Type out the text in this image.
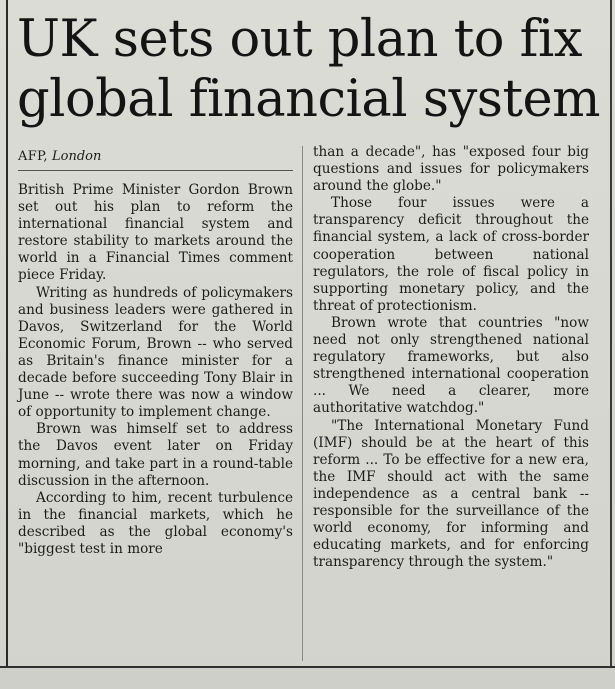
UK sets out plan to fix global financial system
AFP, London

British Prime Minister Gordon Brown set out his plan to reform the international financial system and restore stability to markets around the world in a Financial Times comment piece Friday.

Writing as hundreds of policymakers and business leaders were gathered in Davos, Switzerland for the World Economic Forum, Brown -- who served as Britain's finance minister for a decade before succeeding Tony Blair in June -- wrote there was now a window of opportunity to implement change.

Brown was himself set to address the Davos event later on Friday morning, and take part in a round-table discussion in the afternoon.

According to him, recent turbulence in the financial markets, which he described as the global economy's "biggest test in more

than a decade", has "exposed four big questions and issues for policymakers around the globe."

Those four issues were a transparency deficit throughout the financial system, a lack of cross-border cooperation between national regulators, the role of fiscal policy in supporting monetary policy, and the threat of protectionism.

Brown wrote that countries "now need not only strengthened national regulatory frameworks, but also strengthened international cooperation ... We need a clearer, more authoritative watchdog."

"The International Monetary Fund (IMF) should be at the heart of this reform ... To be effective for a new era, the IMF should act with the same independence as a central bank -- responsible for the surveillance of the world economy, for informing and educating markets, and for enforcing transparency through the system."
